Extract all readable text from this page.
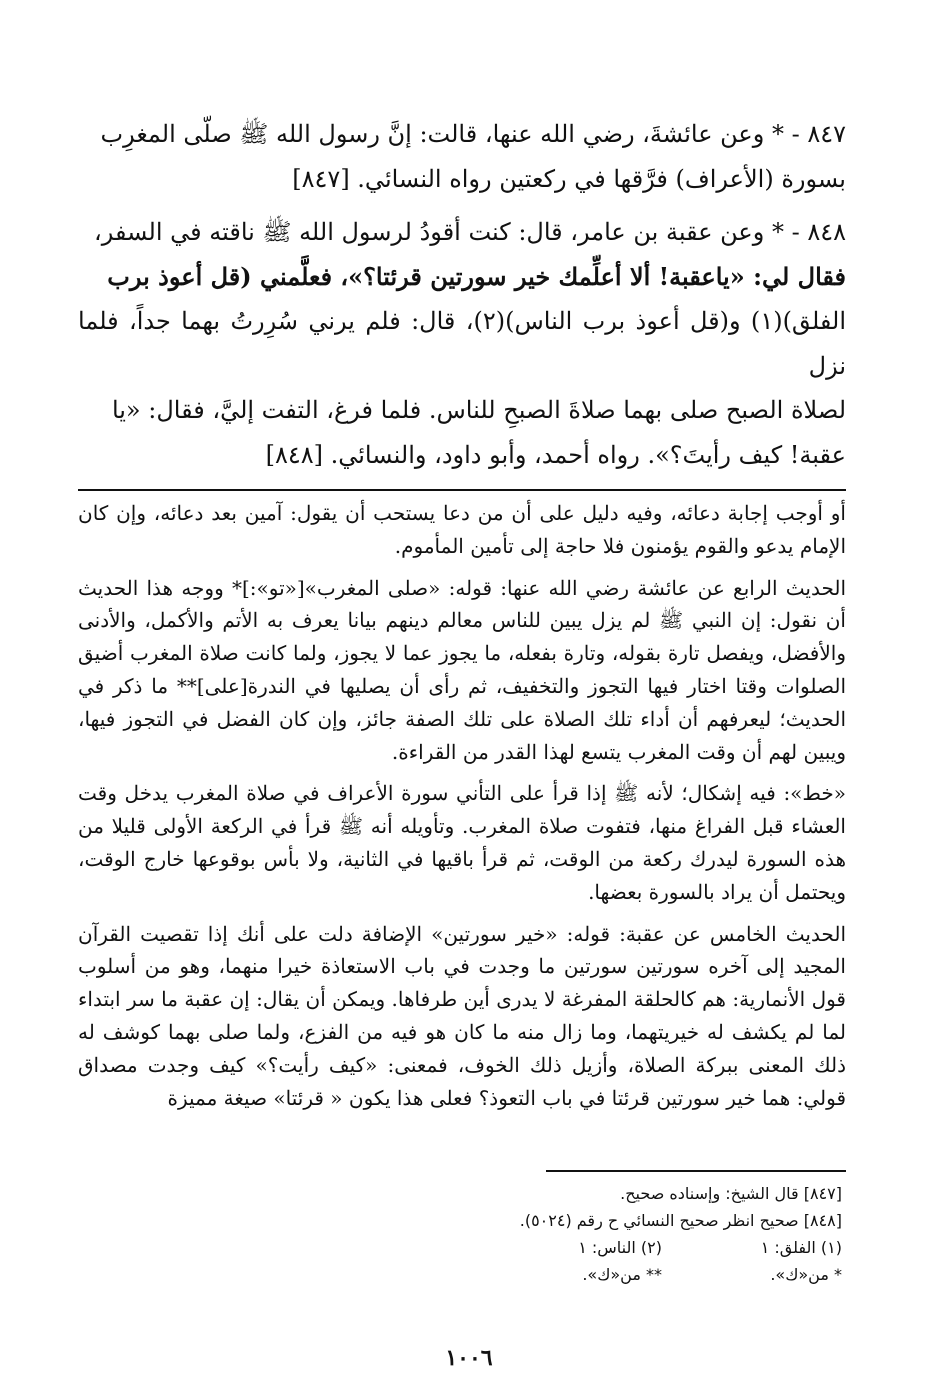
٨٤٧ - * وعن عائشةَ، رضي الله عنها، قالت: إنَّ رسول الله ﷺ صلّى المغرِب

بسورة (الأعراف) فرَّقها في ركعتين رواه النسائي. [٨٤٧]

٨٤٨ - * وعن عقبة بن عامر، قال: كنت أقودُ لرسول الله ﷺ ناقته في السفر،

فقال لي: «ياعقبة! ألا أعلِّمك خير سورتين قرئتا؟»، فعلَّمني (قل أعوذ برب

الفلق)(١) و(قل أعوذ برب الناس)(٢)، قال: فلم يرني سُرِرتُ بهما جداً، فلما نزل

لصلاة الصبح صلى بهما صلاةَ الصبحِ للناس. فلما فرغ، التفت إليَّ، فقال: «يا

عقبة! كيف رأيتَ؟». رواه أحمد، وأبو داود، والنسائي. [٨٤٨]

أو أوجب إجابة دعائه، وفيه دليل على أن من دعا يستحب أن يقول: آمين بعد دعائه، وإن كان الإمام يدعو والقوم يؤمنون فلا حاجة إلى تأمين المأموم.

الحديث الرابع عن عائشة رضي الله عنها: قوله: «صلى المغرب»[«تو»:]* ووجه هذا الحديث أن نقول: إن النبي ﷺ لم يزل يبين للناس معالم دينهم بيانا يعرف به الأتم والأكمل، والأدنى والأفضل، ويفصل تارة بقوله، وتارة بفعله، ما يجوز عما لا يجوز، ولما كانت صلاة المغرب أضيق الصلوات وقتا اختار فيها التجوز والتخفيف، ثم رأى أن يصليها في الندرة[على]** ما ذكر في الحديث؛ ليعرفهم أن أداء تلك الصلاة على تلك الصفة جائز، وإن كان الفضل في التجوز فيها، ويبين لهم أن وقت المغرب يتسع لهذا القدر من القراءة.

«خط»: فيه إشكال؛ لأنه ﷺ إذا قرأ على التأني سورة الأعراف في صلاة المغرب يدخل وقت العشاء قبل الفراغ منها، فتفوت صلاة المغرب. وتأويله أنه ﷺ قرأ في الركعة الأولى قليلا من هذه السورة ليدرك ركعة من الوقت، ثم قرأ باقيها في الثانية، ولا بأس بوقوعها خارج الوقت، ويحتمل أن يراد بالسورة بعضها.

الحديث الخامس عن عقبة: قوله: «خير سورتين» الإضافة دلت على أنك إذا تقصيت القرآن المجيد إلى آخره سورتين سورتين ما وجدت في باب الاستعاذة خيرا منهما، وهو من أسلوب قول الأنمارية: هم كالحلقة المفرغة لا يدرى أين طرفاها. ويمكن أن يقال: إن عقبة ما سر ابتداء لما لم يكشف له خيريتهما، وما زال منه ما كان هو فيه من الفزع، ولما صلى بهما كوشف له ذلك المعنى ببركة الصلاة، وأزيل ذلك الخوف، فمعنى: «كيف رأيت؟» كيف وجدت مصداق قولي: هما خير سورتين قرئتا في باب التعوذ؟ فعلى هذا يكون « قرئتا» صيغة مميزة

[٨٤٧] قال الشيخ: وإسناده صحيح.
[٨٤٨] صحيح انظر صحيح النسائي ح رقم (٥٠٢٤).
(١) الفلق: ١
(٢) الناس: ١
* من«ك».
** من«ك».
١٠٠٦
